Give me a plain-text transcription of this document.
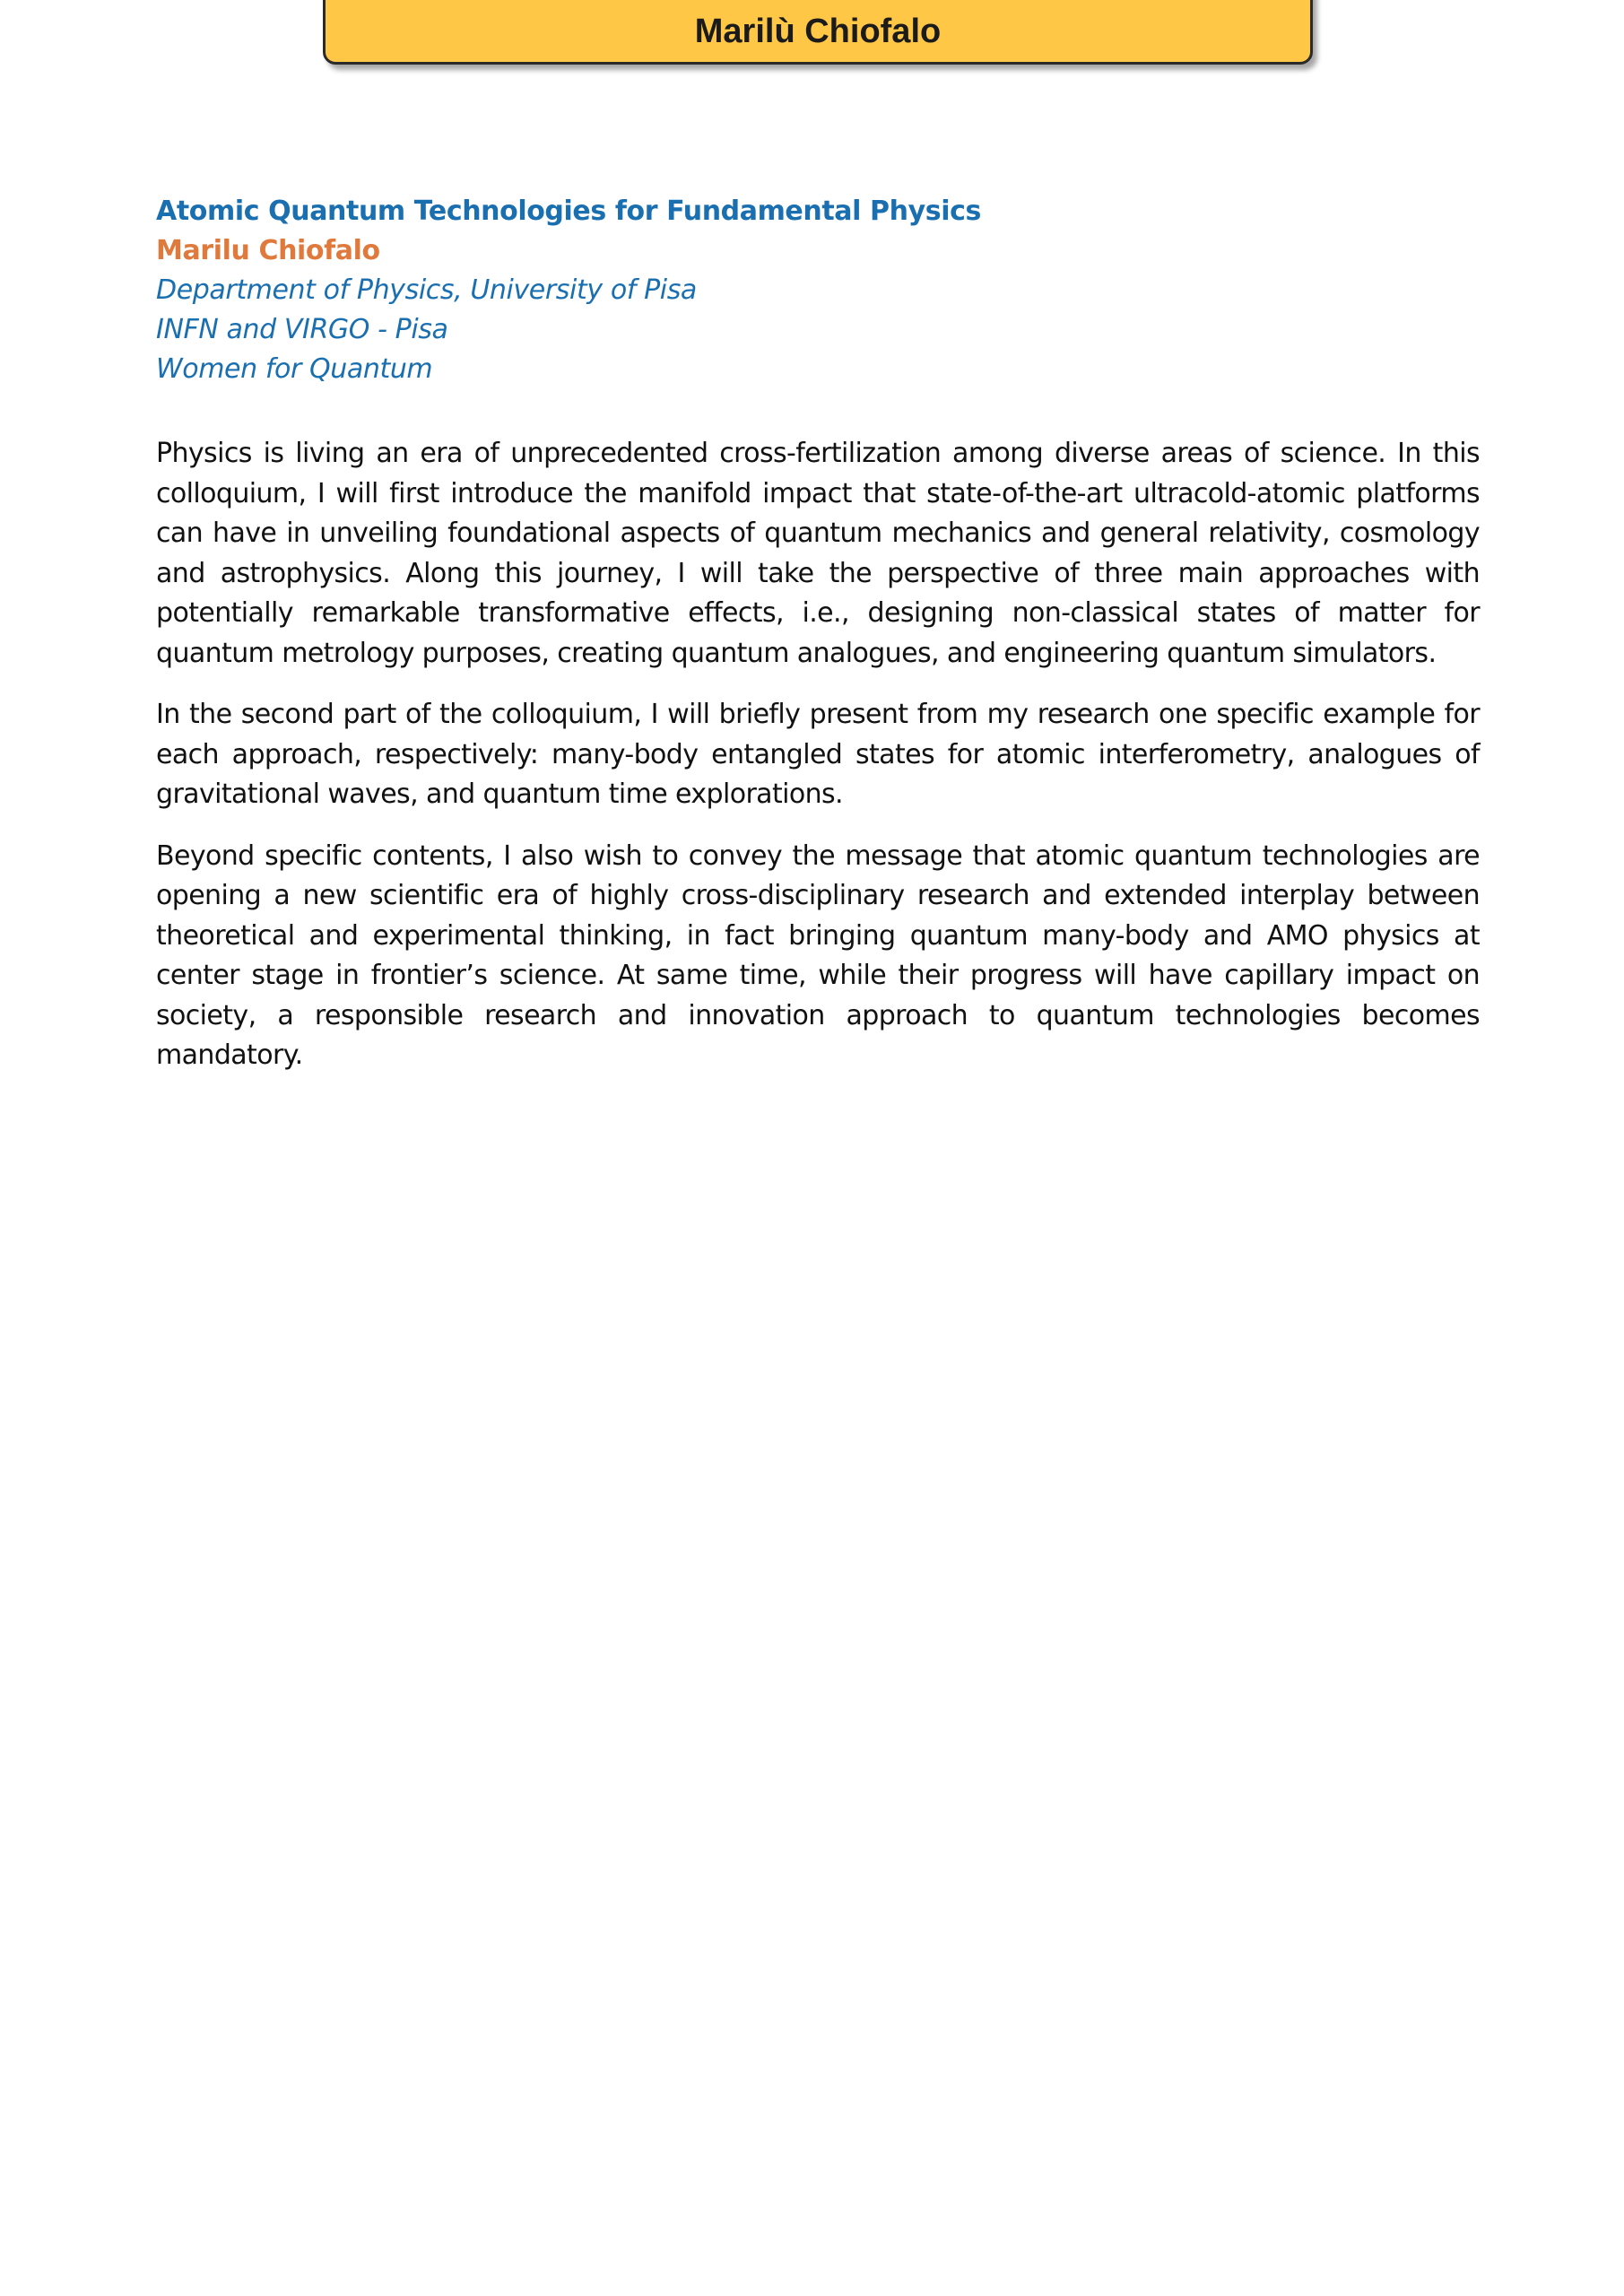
Marilù Chiofalo

Atomic Quantum Technologies for Fundamental Physics

Marilu Chiofalo

Department of Physics, University of Pisa

INFN and VIRGO - Pisa

Women for Quantum

Physics is living an era of unprecedented cross-fertilization among diverse areas of science. In this colloquium, I will first introduce the manifold impact that state-of-the-art ultracold-atomic platforms can have in unveiling foundational aspects of quantum mechanics and general relativity, cosmology and astrophysics. Along this journey, I will take the perspective of three main approaches with potentially remarkable transformative effects, i.e., designing non-classical states of matter for quantum metrology purposes, creating quantum analogues, and engineering quantum simulators.

In the second part of the colloquium, I will briefly present from my research one specific example for each approach, respectively: many-body entangled states for atomic interferometry, analogues of gravitational waves, and quantum time explorations.

Beyond specific contents, I also wish to convey the message that atomic quantum technologies are opening a new scientific era of highly cross-disciplinary research and extended interplay between theoretical and experimental thinking, in fact bringing quantum many-body and AMO physics at center stage in frontier’s science. At same time, while their progress will have capillary impact on society, a responsible research and innovation approach to quantum technologies becomes mandatory.
